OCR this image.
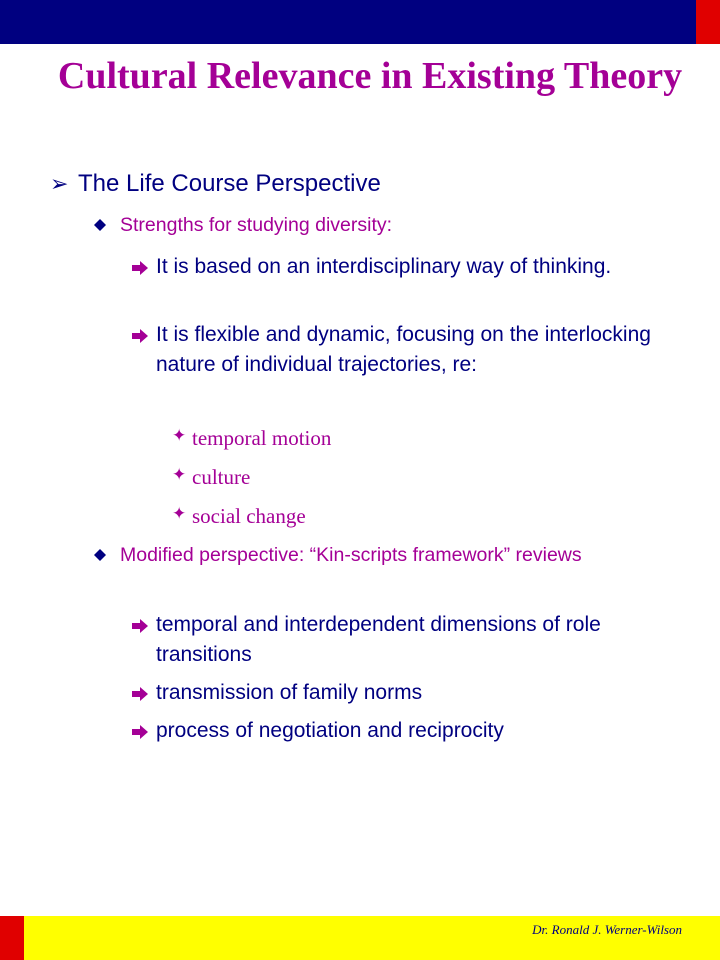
Cultural Relevance in Existing Theory
➢ The Life Course Perspective
Strengths for studying diversity:
It is based on an interdisciplinary way of thinking.
It is flexible and dynamic, focusing on the interlocking nature of individual trajectories, re:
✦ temporal motion
✦ culture
✦ social change
Modified perspective: “Kin-scripts framework” reviews
temporal and interdependent dimensions of role transitions
transmission of family norms
process of negotiation and reciprocity
Dr. Ronald J. Werner-Wilson
